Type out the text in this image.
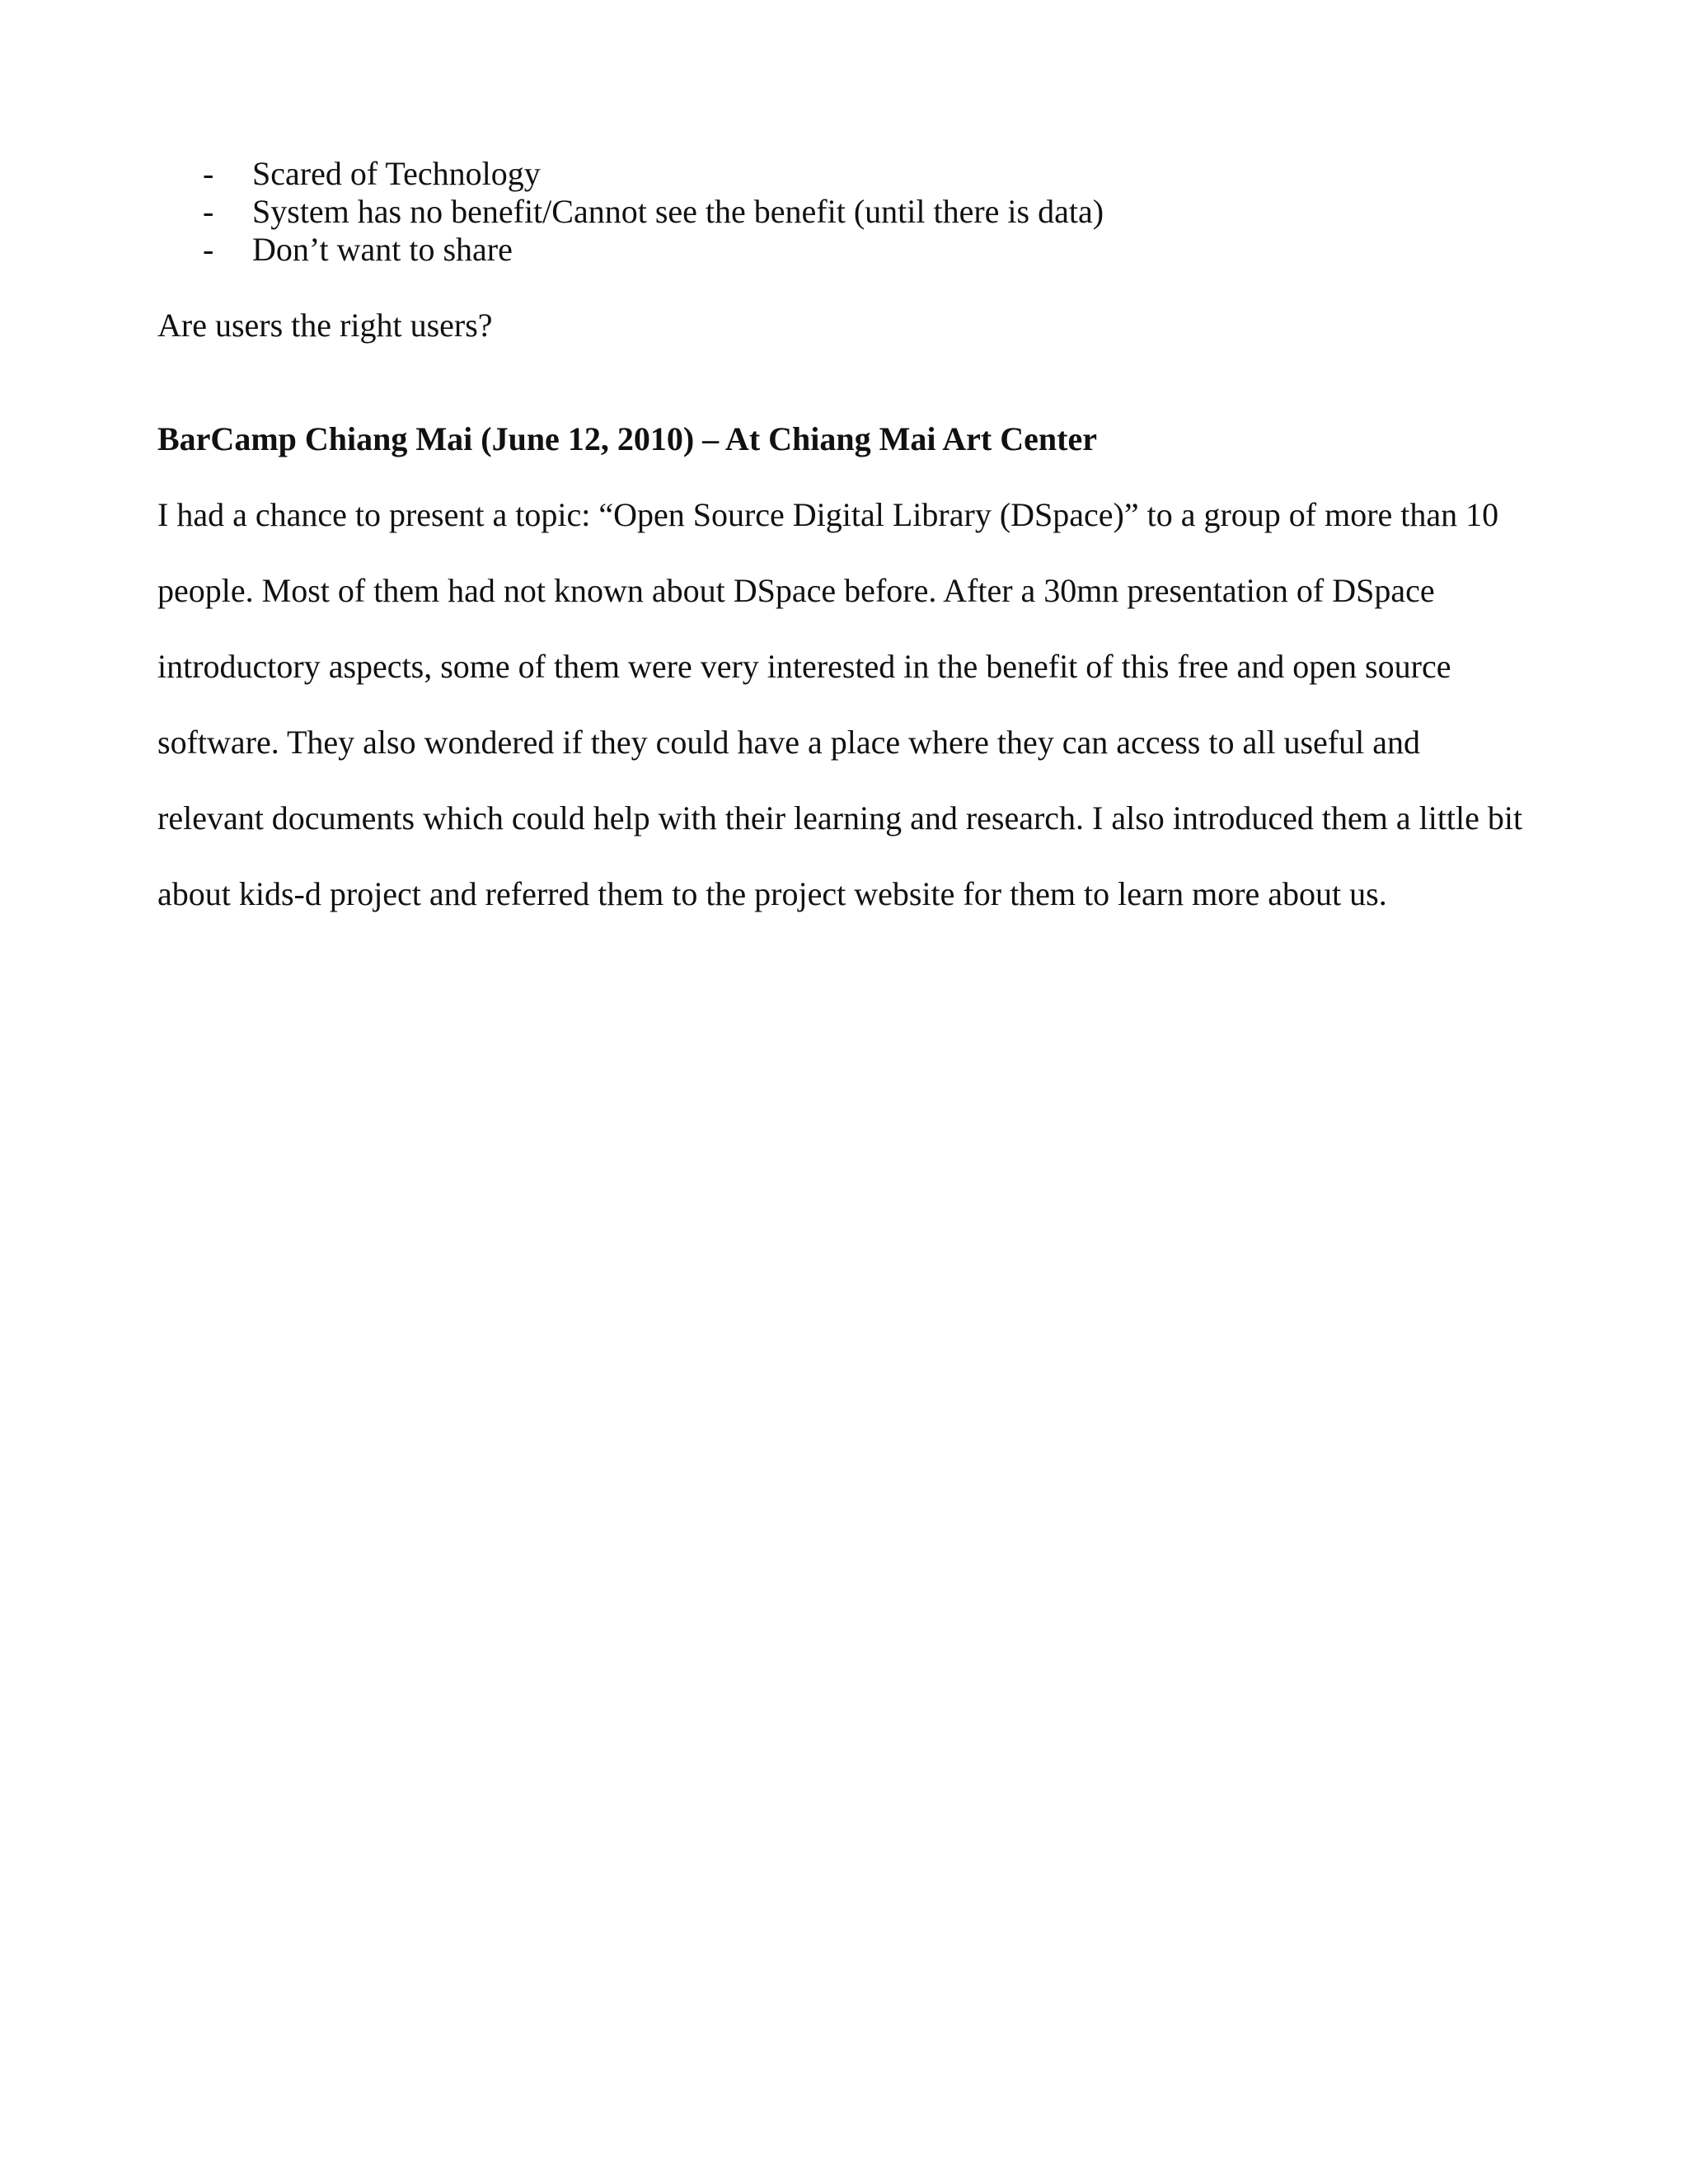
-	Scared of Technology
-	System has no benefit/Cannot see the benefit (until there is data)
-	Don’t want to share

Are users the right users?

BarCamp Chiang Mai (June 12, 2010) – At Chiang Mai Art Center

I had a chance to present a topic: “Open Source Digital Library (DSpace)” to a group of more than 10

people. Most of them had not known about DSpace before. After a 30mn presentation of DSpace

introductory aspects, some of them were very interested in the benefit of this free and open source

software. They also wondered if they could have a place where they can access to all useful and

relevant documents which could help with their learning and research. I also introduced them a little bit

about kids-d project and referred them to the project website for them to learn more about us.
